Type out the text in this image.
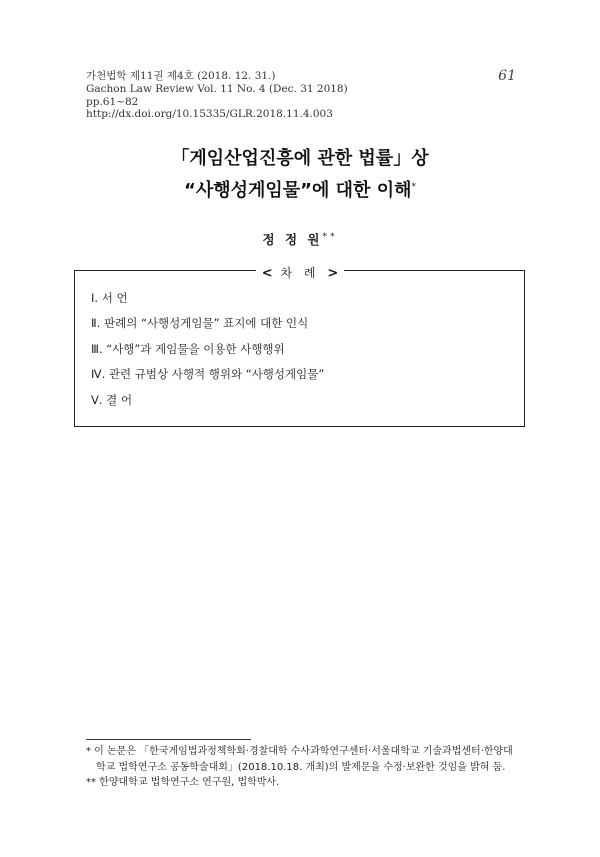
가천법학 제11권 제4호 (2018. 12. 31.)
Gachon Law Review Vol. 11 No. 4 (Dec. 31 2018)
pp.61~82
http://dx.doi.org/10.15335/GLR.2018.11.4.003
61
「게임산업진흥에 관한 법률」상
“사행성게임물”에 대한 이해*
정 정 원**
< 차 례 >
Ⅰ. 서 언
Ⅱ. 판례의 “사행성게임물” 표지에 대한 인식
Ⅲ. “사행”과 게임물을 이용한 사행행위
Ⅳ. 관련 규범상 사행적 행위와 “사행성게임물”
Ⅴ. 결 어
* 이 논문은 「한국게임법과정책학회·경찰대학 수사과학연구센터·서울대학교 기술과법센터·한양대
학교 법학연구소 공동학술대회」(2018.10.18. 개최)의 발제문을 수정·보완한 것임을 밝혀 둠.
** 한양대학교 법학연구소 연구원, 법학박사.
